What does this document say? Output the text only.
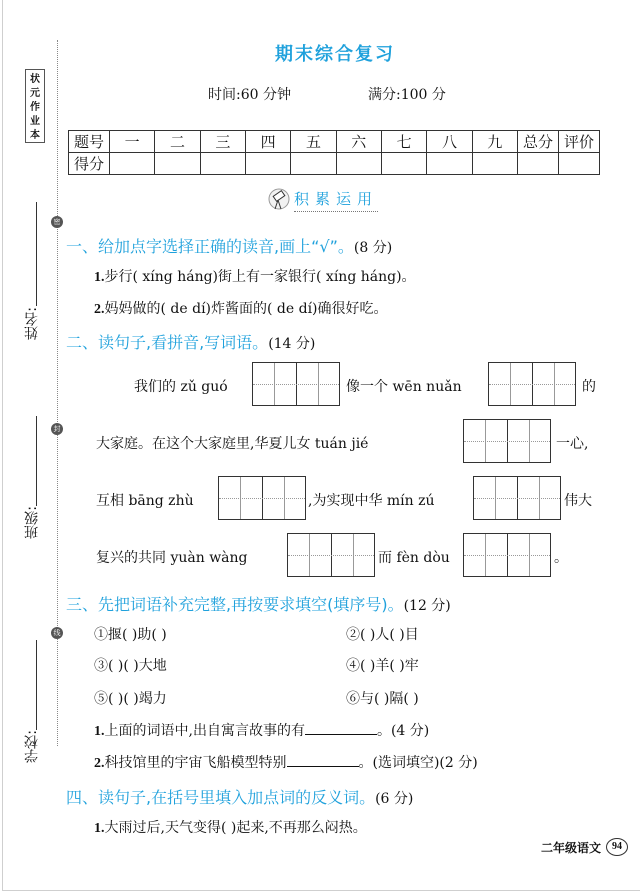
状
元
作
业
本
密
封
线
姓名:
班级:
学校:
期末综合复习
时间:60 分钟	满分:100 分
题号	一	二	三	四	五	六	七	八	九	总分	评价
得分											
积累运用
一、给加点字选择正确的读音,画上“√”。(8 分)
1.步行( xíng háng)街上有一家银行( xíng háng)。
2.妈妈做的( de dí)炸酱面的( de dí)确很好吃。
二、读句子,看拼音,写词语。(14 分)
我们的 zǔ guó	像一个 wēn nuǎn	的
大家庭。在这个大家庭里,华夏儿女 tuán jié	一心,
互相 bāng zhù	,为实现中华 mín zú	伟大
复兴的共同 yuàn wàng	而 fèn dòu	。
三、先把词语补充完整,再按要求填空(填序号)。(12 分)
①揠( )助( )	②( )人( )目
③( )( )大地	④( )羊( )牢
⑤( )( )竭力	⑥与( )隔( )
1.上面的词语中,出自寓言故事的有	。(4 分)
2.科技馆里的宇宙飞船模型特别	。(选词填空)(2 分)
四、读句子,在括号里填入加点词的反义词。(6 分)
1.大雨过后,天气变得( )起来,不再那么闷热。
二年级语文	94
